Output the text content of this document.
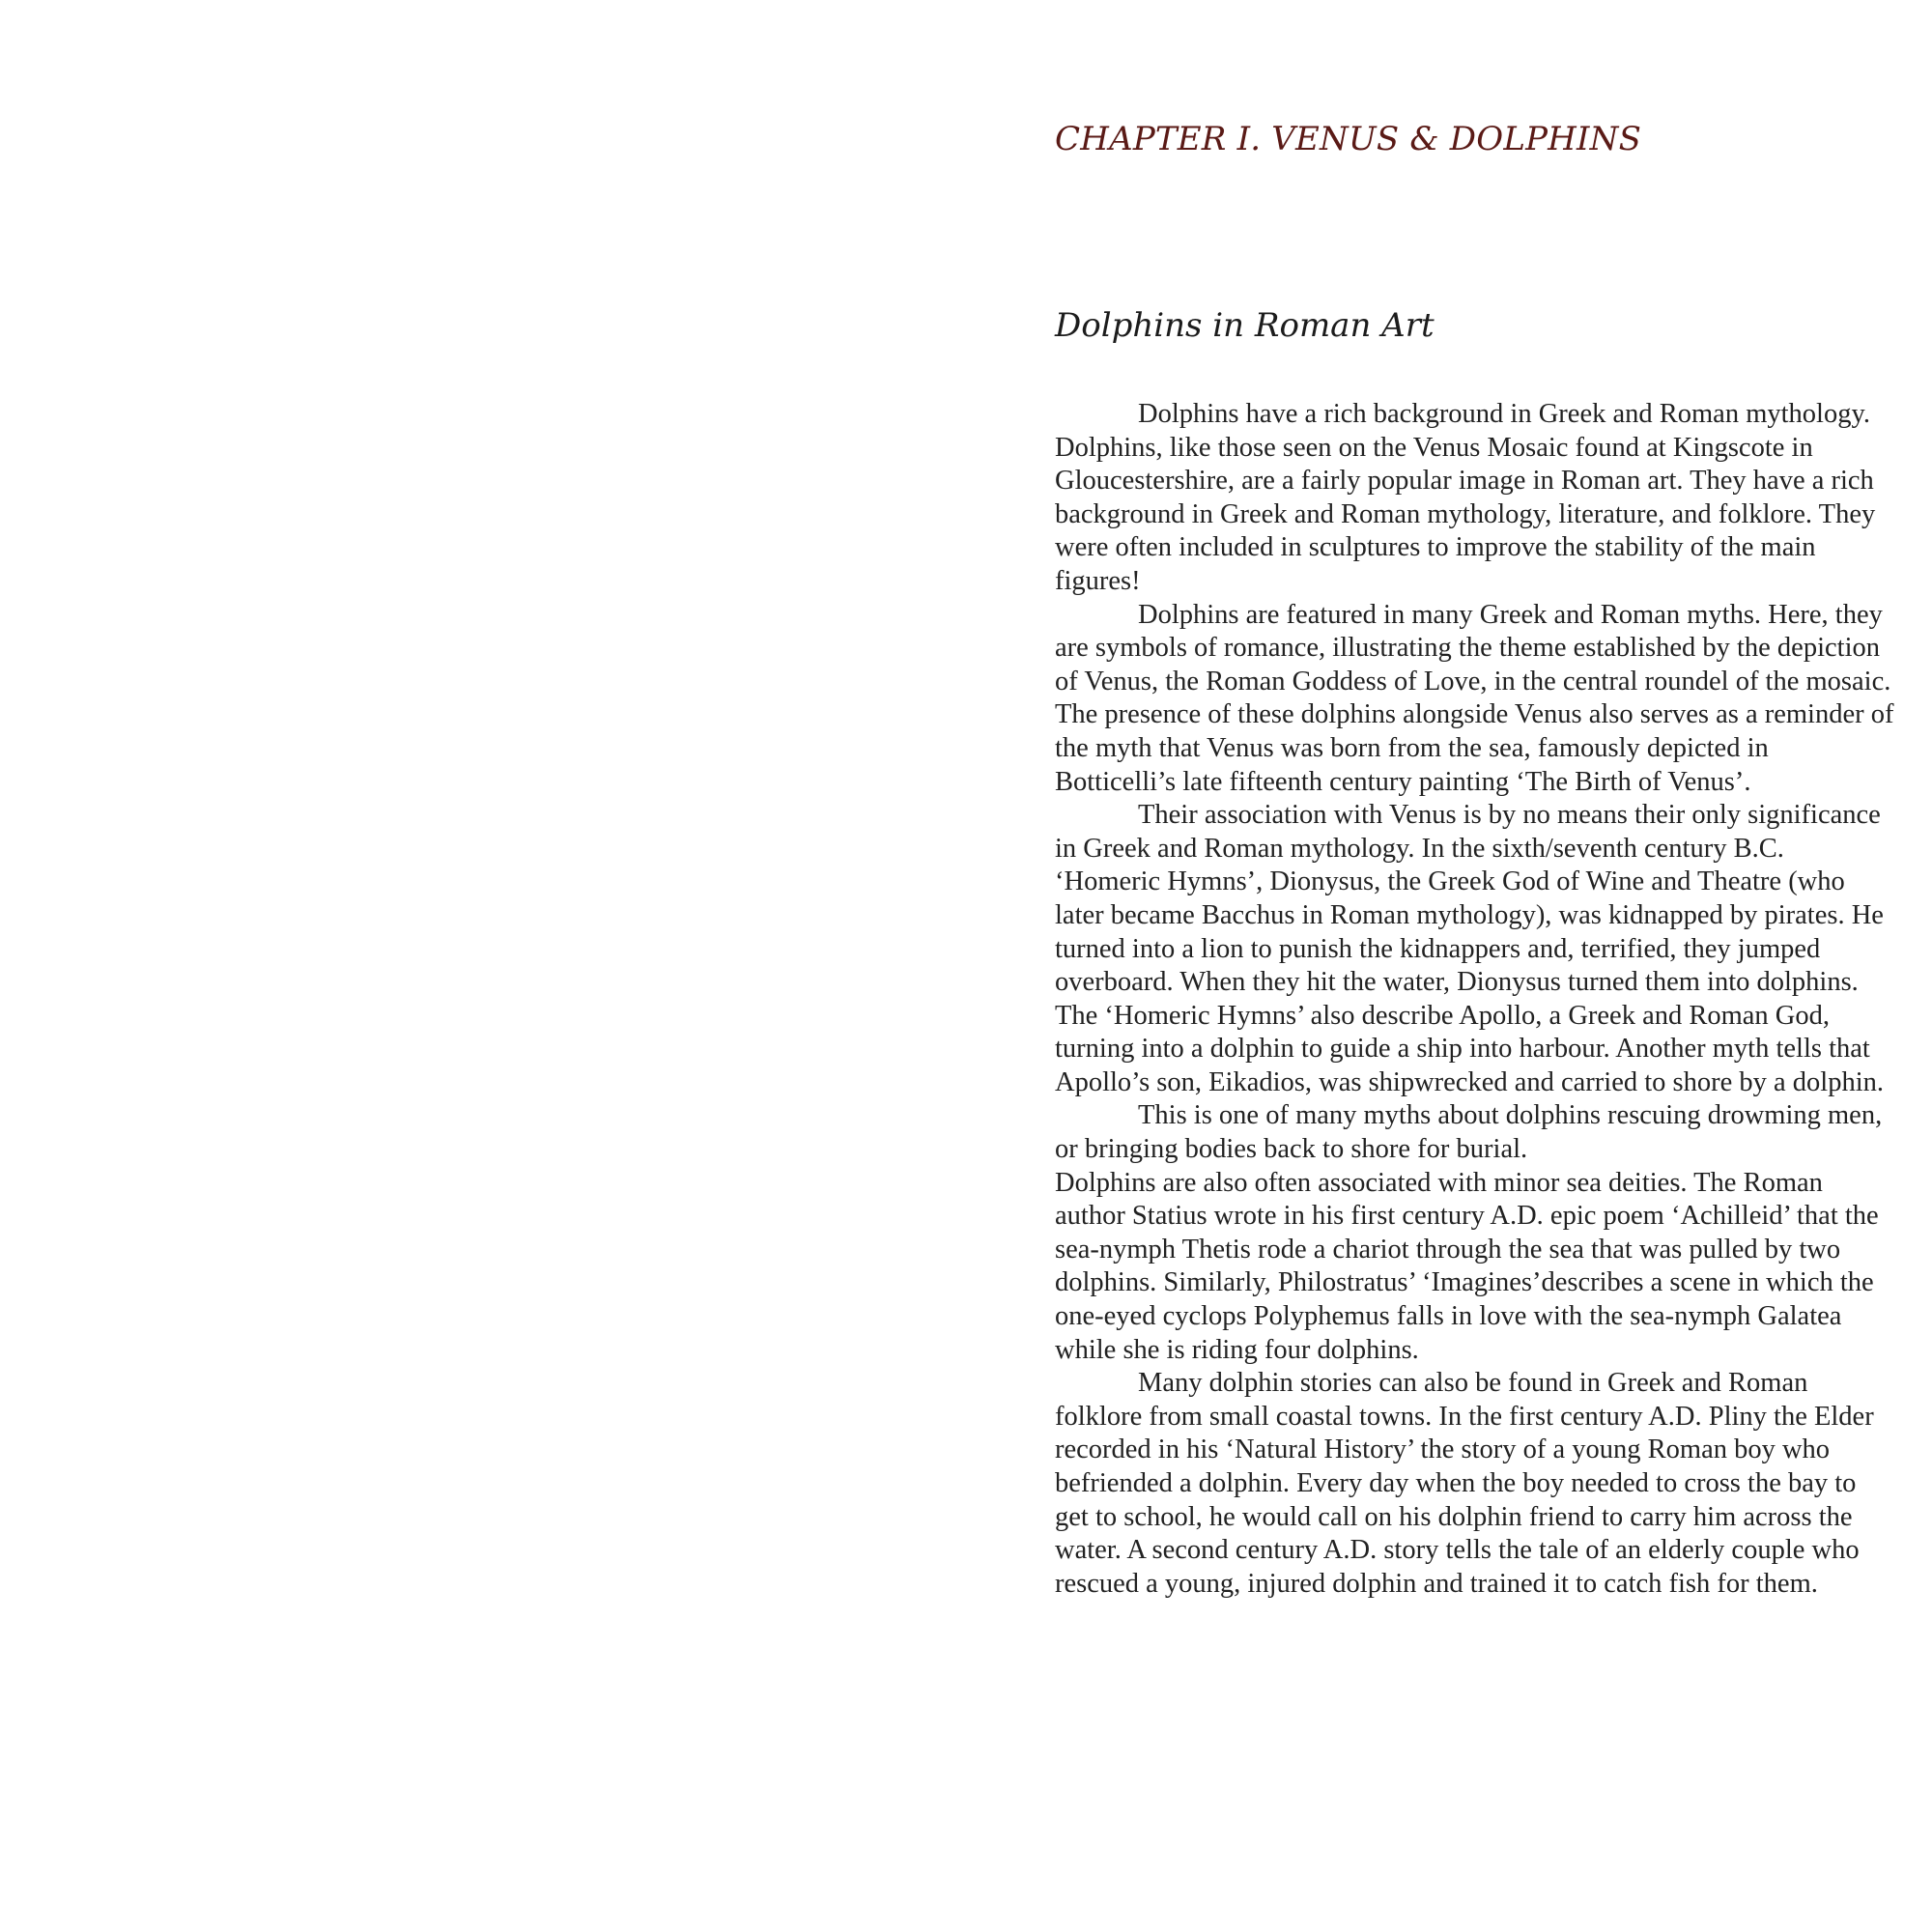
CHAPTER I. VENUS & DOLPHINS
Dolphins in Roman Art

Dolphins have a rich background in Greek and Roman mythology.

Dolphins, like those seen on the Venus Mosaic found at Kingscote in Gloucestershire, are a fairly popular image in Roman art. They have a rich background in Greek and Roman mythology, literature, and folklore. They were often included in sculptures to improve the stability of the main figures!

Dolphins are featured in many Greek and Roman myths. Here, they are symbols of romance, illustrating the theme established by the depiction of Venus, the Roman Goddess of Love, in the central roundel of the mosaic. The presence of these dolphins alongside Venus also serves as a reminder of the myth that Venus was born from the sea, famously depicted in Botticelli’s late fifteenth century painting ‘The Birth of Venus’.

Their association with Venus is by no means their only significance in Greek and Roman mythology. In the sixth/seventh century B.C. ‘Homeric Hymns’, Dionysus, the Greek God of Wine and Theatre (who later became Bacchus in Roman mythology), was kidnapped by pirates. He turned into a lion to punish the kidnappers and, terrified, they jumped overboard. When they hit the water, Dionysus turned them into dolphins. The ‘Homeric Hymns’ also describe Apollo, a Greek and Roman God, turning into a dolphin to guide a ship into harbour. Another myth tells that Apollo’s son, Eikadios, was shipwrecked and carried to shore by a dolphin.

This is one of many myths about dolphins rescuing drowming men, or bringing bodies back to shore for burial.

Dolphins are also often associated with minor sea deities. The Roman author Statius wrote in his first century A.D. epic poem ‘Achilleid’ that the sea-nymph Thetis rode a chariot through the sea that was pulled by two dolphins. Similarly, Philostratus’ ‘Imagines’describes a scene in which the one-eyed cyclops Polyphemus falls in love with the sea-nymph Galatea while she is riding four dolphins.

Many dolphin stories can also be found in Greek and Roman folklore from small coastal towns. In the first century A.D. Pliny the Elder recorded in his ‘Natural History’ the story of a young Roman boy who befriended a dolphin. Every day when the boy needed to cross the bay to get to school, he would call on his dolphin friend to carry him across the water. A second century A.D. story tells the tale of an elderly couple who rescued a young, injured dolphin and trained it to catch fish for them.
